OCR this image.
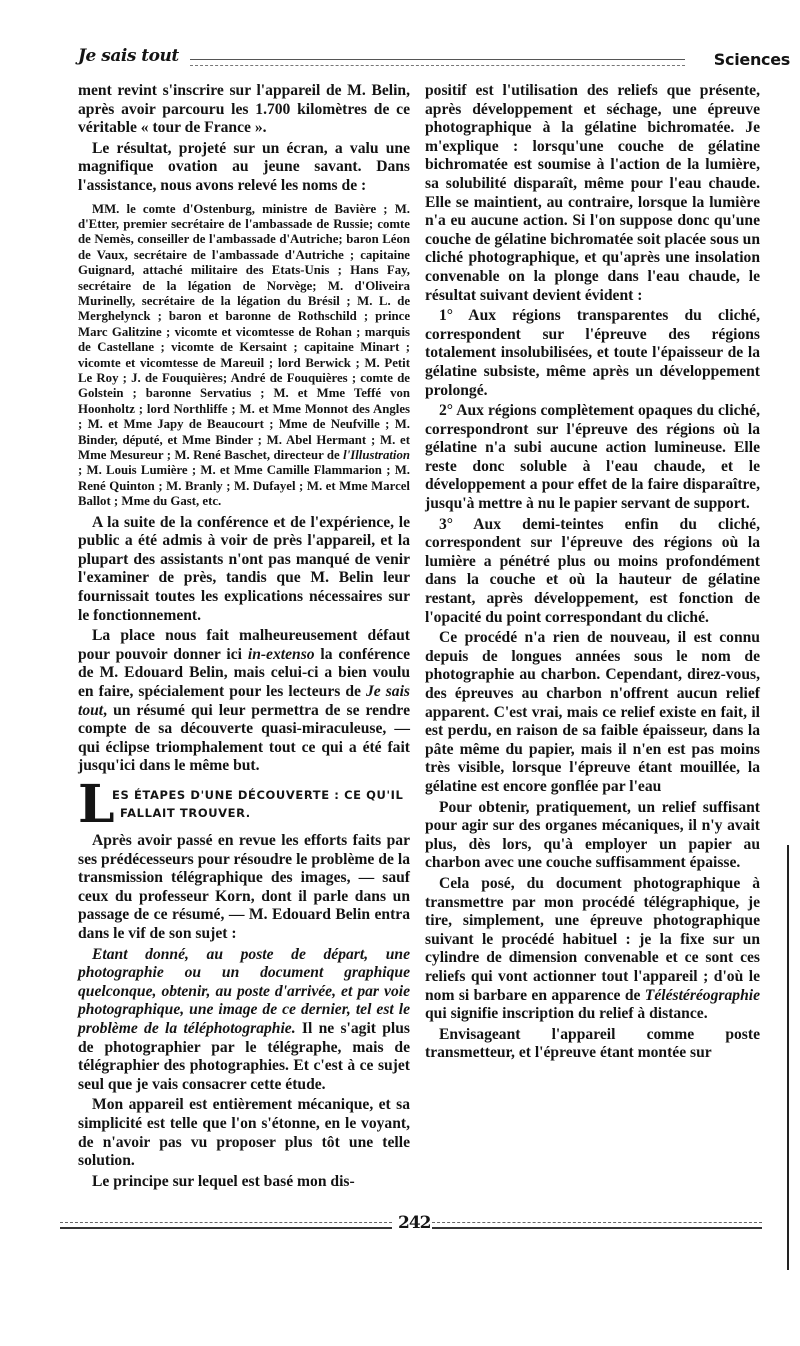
Je sais tout	Sciences

ment revint s'inscrire sur l'appareil de M. Belin, après avoir parcouru les 1.700 kilomètres de ce véritable « tour de France ».

Le résultat, projeté sur un écran, a valu une magnifique ovation au jeune savant. Dans l'assistance, nous avons relevé les noms de :

MM. le comte d'Ostenburg, ministre de Bavière ; M. d'Etter, premier secrétaire de l'ambassade de Russie; comte de Nemès, conseiller de l'ambassade d'Autriche; baron Léon de Vaux, secrétaire de l'ambassade d'Autriche ; capitaine Guignard, attaché militaire des Etats-Unis ; Hans Fay, secrétaire de la légation de Norvège; M. d'Oliveira Murinelly, secrétaire de la légation du Brésil ; M. L. de Merghelynck ; baron et baronne de Rothschild ; prince Marc Galitzine ; vicomte et vicomtesse de Rohan ; marquis de Castellane ; vicomte de Kersaint ; capitaine Minart ; vicomte et vicomtesse de Mareuil ; lord Berwick ; M. Petit Le Roy ; J. de Fouquières; André de Fouquières ; comte de Golstein ; baronne Servatius ; M. et Mme Teffé von Hoonholtz ; lord Northliffe ; M. et Mme Monnot des Angles ; M. et Mme Japy de Beaucourt ; Mme de Neufville ; M. Binder, député, et Mme Binder ; M. Abel Hermant ; M. et Mme Mesureur ; M. René Baschet, directeur de l'Illustration ; M. Louis Lumière ; M. et Mme Camille Flammarion ; M. René Quinton ; M. Branly ; M. Dufayel ; M. et Mme Marcel Ballot ; Mme du Gast, etc.

A la suite de la conférence et de l'expérience, le public a été admis à voir de près l'appareil, et la plupart des assistants n'ont pas manqué de venir l'examiner de près, tandis que M. Belin leur fournissait toutes les explications nécessaires sur le fonctionnement.

La place nous fait malheureusement défaut pour pouvoir donner ici in-extenso la conférence de M. Edouard Belin, mais celui-ci a bien voulu en faire, spécialement pour les lecteurs de Je sais tout, un résumé qui leur permettra de se rendre compte de sa découverte quasi-miraculeuse, — qui éclipse triomphalement tout ce qui a été fait jusqu'ici dans le même but.

L
ES ÉTAPES D'UNE DÉCOUVERTE : CE QU'IL
FALLAIT TROUVER.

Après avoir passé en revue les efforts faits par ses prédécesseurs pour résoudre le problème de la transmission télégraphique des images, — sauf ceux du professeur Korn, dont il parle dans un passage de ce résumé, — M. Edouard Belin entra dans le vif de son sujet :

Etant donné, au poste de départ, une photographie ou un document graphique quelconque, obtenir, au poste d'arrivée, et par voie photographique, une image de ce dernier, tel est le problème de la téléphotographie. Il ne s'agit plus de photographier par le télégraphe, mais de télégraphier des photographies. Et c'est à ce sujet seul que je vais consacrer cette étude.

Mon appareil est entièrement mécanique, et sa simplicité est telle que l'on s'étonne, en le voyant, de n'avoir pas vu proposer plus tôt une telle solution.

Le principe sur lequel est basé mon dis-

positif est l'utilisation des reliefs que présente, après développement et séchage, une épreuve photographique à la gélatine bichromatée. Je m'explique : lorsqu'une couche de gélatine bichromatée est soumise à l'action de la lumière, sa solubilité disparaît, même pour l'eau chaude. Elle se maintient, au contraire, lorsque la lumière n'a eu aucune action. Si l'on suppose donc qu'une couche de gélatine bichromatée soit placée sous un cliché photographique, et qu'après une insolation convenable on la plonge dans l'eau chaude, le résultat suivant devient évident :

1° Aux régions transparentes du cliché, correspondent sur l'épreuve des régions totalement insolubilisées, et toute l'épaisseur de la gélatine subsiste, même après un développement prolongé.

2° Aux régions complètement opaques du cliché, correspondront sur l'épreuve des régions où la gélatine n'a subi aucune action lumineuse. Elle reste donc soluble à l'eau chaude, et le développement a pour effet de la faire disparaître, jusqu'à mettre à nu le papier servant de support.

3° Aux demi-teintes enfin du cliché, correspondent sur l'épreuve des régions où la lumière a pénétré plus ou moins profondément dans la couche et où la hauteur de gélatine restant, après développement, est fonction de l'opacité du point correspondant du cliché.

Ce procédé n'a rien de nouveau, il est connu depuis de longues années sous le nom de photographie au charbon. Cependant, direz-vous, des épreuves au charbon n'offrent aucun relief apparent. C'est vrai, mais ce relief existe en fait, il est perdu, en raison de sa faible épaisseur, dans la pâte même du papier, mais il n'en est pas moins très visible, lorsque l'épreuve étant mouillée, la gélatine est encore gonflée par l'eau

Pour obtenir, pratiquement, un relief suffisant pour agir sur des organes mécaniques, il n'y avait plus, dès lors, qu'à employer un papier au charbon avec une couche suffisamment épaisse.

Cela posé, du document photographique à transmettre par mon procédé télégraphique, je tire, simplement, une épreuve photographique suivant le procédé habituel : je la fixe sur un cylindre de dimension convenable et ce sont ces reliefs qui vont actionner tout l'appareil ; d'où le nom si barbare en apparence de Téléstéréographie qui signifie inscription du relief à distance.

Envisageant l'appareil comme poste transmetteur, et l'épreuve étant montée sur

242
